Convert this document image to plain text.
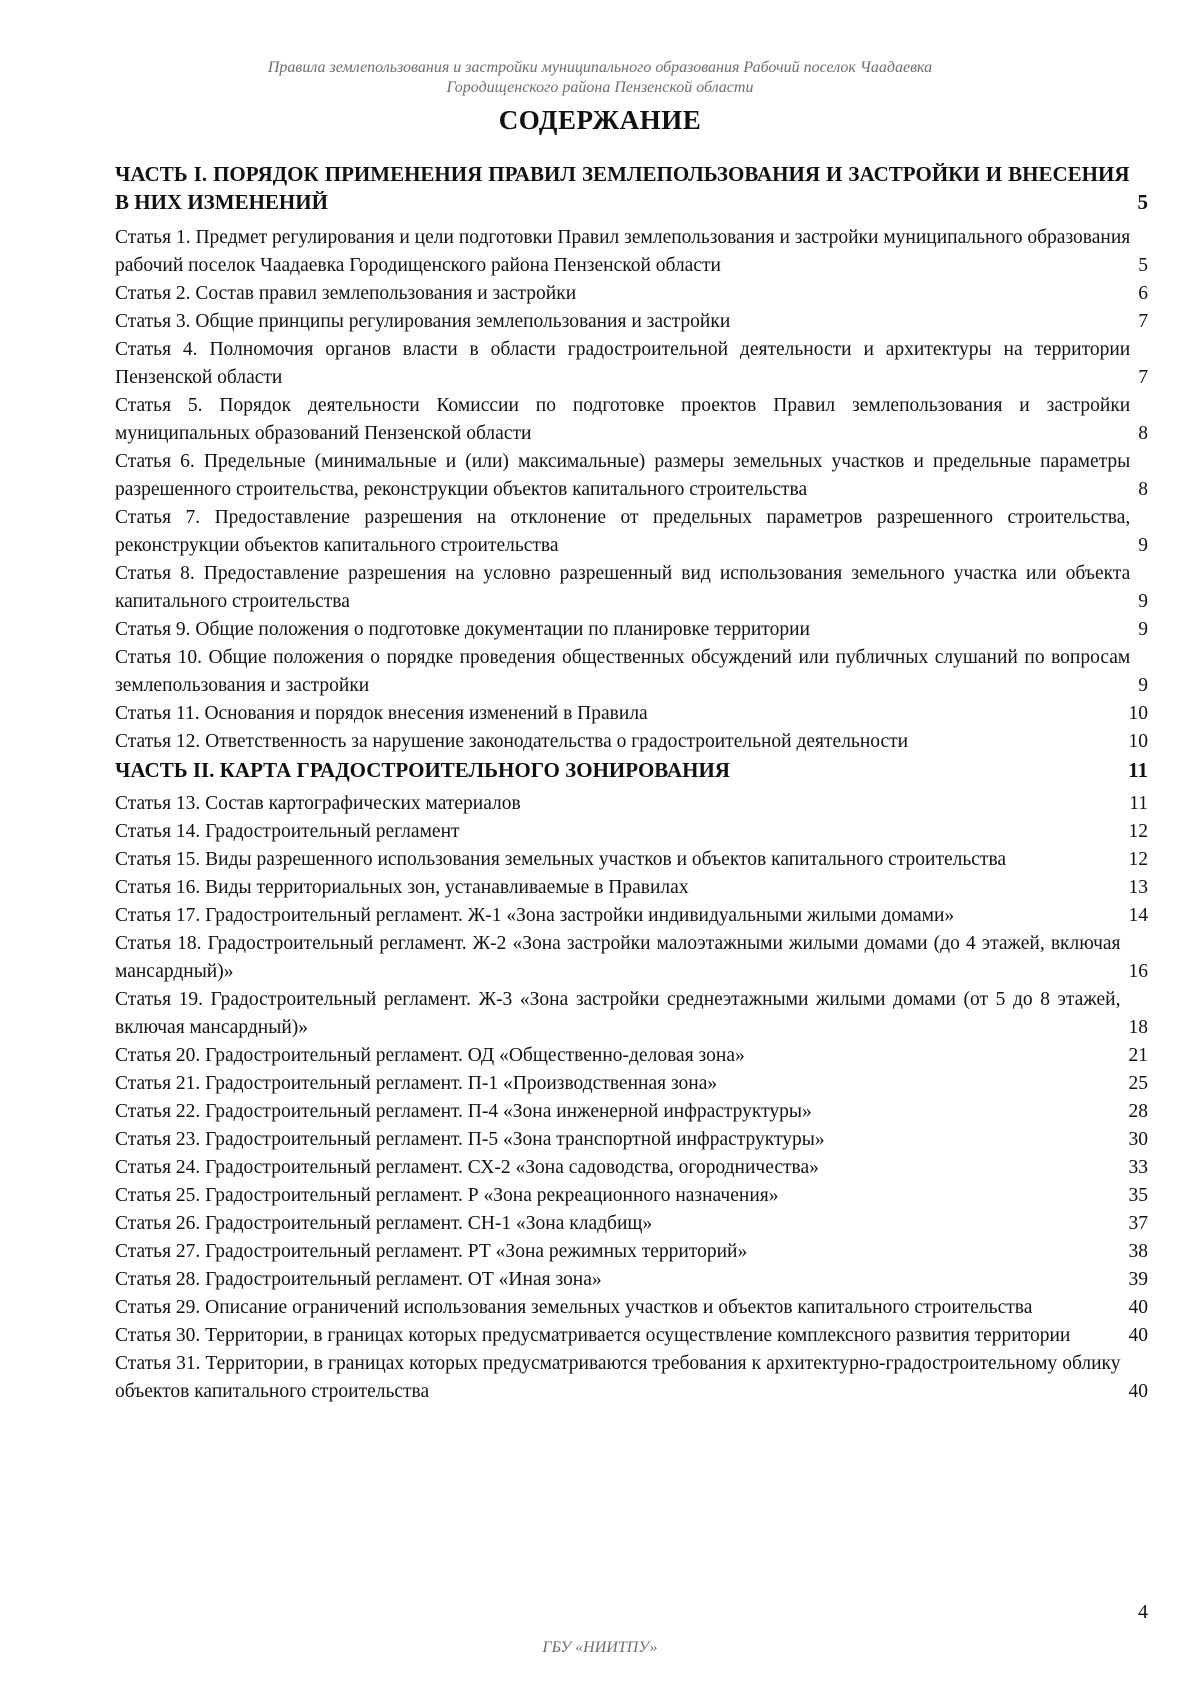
Правила землепользования и застройки муниципального образования Рабочий поселок Чаадаевка
Городищенского района Пензенской области
СОДЕРЖАНИЕ
ЧАСТЬ I. ПОРЯДОК ПРИМЕНЕНИЯ ПРАВИЛ ЗЕМЛЕПОЛЬЗОВАНИЯ И ЗАСТРОЙКИ И ВНЕСЕНИЯ В НИХ ИЗМЕНЕНИЙ	5
Статья 1. Предмет регулирования и цели подготовки Правил землепользования и застройки муниципального образования рабочий поселок Чаадаевка Городищенского района Пензенской области	5
Статья 2. Состав правил землепользования и застройки	6
Статья 3. Общие принципы регулирования землепользования и застройки	7
Статья 4. Полномочия органов власти в области градостроительной деятельности и архитектуры на территории Пензенской области	7
Статья 5. Порядок деятельности Комиссии по подготовке проектов Правил землепользования и застройки муниципальных образований Пензенской области	8
Статья 6. Предельные (минимальные и (или) максимальные) размеры земельных участков и предельные параметры разрешенного строительства, реконструкции объектов капитального строительства	8
Статья 7. Предоставление разрешения на отклонение от предельных параметров разрешенного строительства, реконструкции объектов капитального строительства	9
Статья 8. Предоставление разрешения на условно разрешенный вид использования земельного участка или объекта капитального строительства	9
Статья 9. Общие положения о подготовке документации по планировке территории	9
Статья 10. Общие положения о порядке проведения общественных обсуждений или публичных слушаний по вопросам землепользования и застройки	9
Статья 11. Основания и порядок внесения изменений в Правила	10
Статья 12. Ответственность за нарушение законодательства о градостроительной деятельности	10
ЧАСТЬ II. КАРТА ГРАДОСТРОИТЕЛЬНОГО ЗОНИРОВАНИЯ	11
Статья 13. Состав картографических материалов	11
Статья 14. Градостроительный регламент	12
Статья 15. Виды разрешенного использования земельных участков и объектов капитального строительства	12
Статья 16. Виды территориальных зон, устанавливаемые в Правилах	13
Статья 17. Градостроительный регламент. Ж-1 «Зона застройки индивидуальными жилыми домами»	14
Статья 18. Градостроительный регламент. Ж-2 «Зона застройки малоэтажными жилыми домами (до 4 этажей, включая мансардный)»	16
Статья 19. Градостроительный регламент. Ж-3 «Зона застройки среднеэтажными жилыми домами (от 5 до 8 этажей, включая мансардный)»	18
Статья 20. Градостроительный регламент. ОД «Общественно-деловая зона»	21
Статья 21. Градостроительный регламент. П-1 «Производственная зона»	25
Статья 22. Градостроительный регламент. П-4 «Зона инженерной инфраструктуры»	28
Статья 23. Градостроительный регламент. П-5 «Зона транспортной инфраструктуры»	30
Статья 24. Градостроительный регламент. СХ-2 «Зона садоводства, огородничества»	33
Статья 25. Градостроительный регламент. Р «Зона рекреационного назначения»	35
Статья 26. Градостроительный регламент. СН-1 «Зона кладбищ»	37
Статья 27. Градостроительный регламент. РТ «Зона режимных территорий»	38
Статья 28. Градостроительный регламент. ОТ «Иная зона»	39
Статья 29. Описание ограничений использования земельных участков и объектов капитального строительства	40
Статья 30. Территории, в границах которых предусматривается осуществление комплексного развития территории	40
Статья 31. Территории, в границах которых предусматриваются требования к архитектурно-градостроительному облику объектов капитального строительства	40
4
ГБУ «НИИТПУ»
